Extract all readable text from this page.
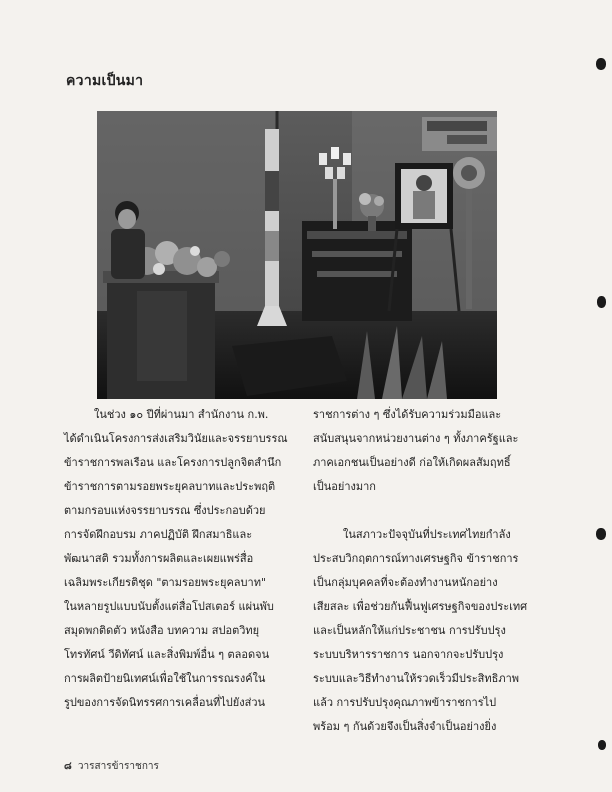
ความเป็นมา
ในช่วง ๑๐ ปีที่ผ่านมา สำนักงาน ก.พ.
ได้ดำเนินโครงการส่งเสริมวินัยและจรรยาบรรณ
ข้าราชการพลเรือน และโครงการปลูกจิตสำนึก
ข้าราชการตามรอยพระยุคลบาทและประพฤติ
ตามกรอบแห่งจรรยาบรรณ ซึ่งประกอบด้วย
การจัดฝึกอบรม ภาคปฏิบัติ ฝึกสมาธิและ
พัฒนาสติ รวมทั้งการผลิตและเผยแพร่สื่อ
เฉลิมพระเกียรติชุด "ตามรอยพระยุคลบาท"
ในหลายรูปแบบนับตั้งแต่สื่อโปสเตอร์ แผ่นพับ
สมุดพกติดตัว หนังสือ บทความ สปอตวิทยุ
โทรทัศน์ วีดิทัศน์ และสิ่งพิมพ์อื่น ๆ ตลอดจน
การผลิตป้ายนิเทศน์เพื่อใช้ในการรณรงค์ใน
รูปของการจัดนิทรรศการเคลื่อนที่ไปยังส่วน
ราชการต่าง ๆ ซึ่งได้รับความร่วมมือและ
สนับสนุนจากหน่วยงานต่าง ๆ ทั้งภาครัฐและ
ภาคเอกชนเป็นอย่างดี ก่อให้เกิดผลสัมฤทธิ์
เป็นอย่างมาก
ในสภาวะปัจจุบันที่ประเทศไทยกำลัง
ประสบวิกฤตการณ์ทางเศรษฐกิจ ข้าราชการ
เป็นกลุ่มบุคคลที่จะต้องทำงานหนักอย่าง
เสียสละ เพื่อช่วยกันฟื้นฟูเศรษฐกิจของประเทศ
และเป็นหลักให้แก่ประชาชน การปรับปรุง
ระบบบริหารราชการ นอกจากจะปรับปรุง
ระบบและวิธีทำงานให้รวดเร็วมีประสิทธิภาพ
แล้ว การปรับปรุงคุณภาพข้าราชการไป
พร้อม ๆ กันด้วยจึงเป็นสิ่งจำเป็นอย่างยิ่ง
๘ วารสารข้าราชการ
